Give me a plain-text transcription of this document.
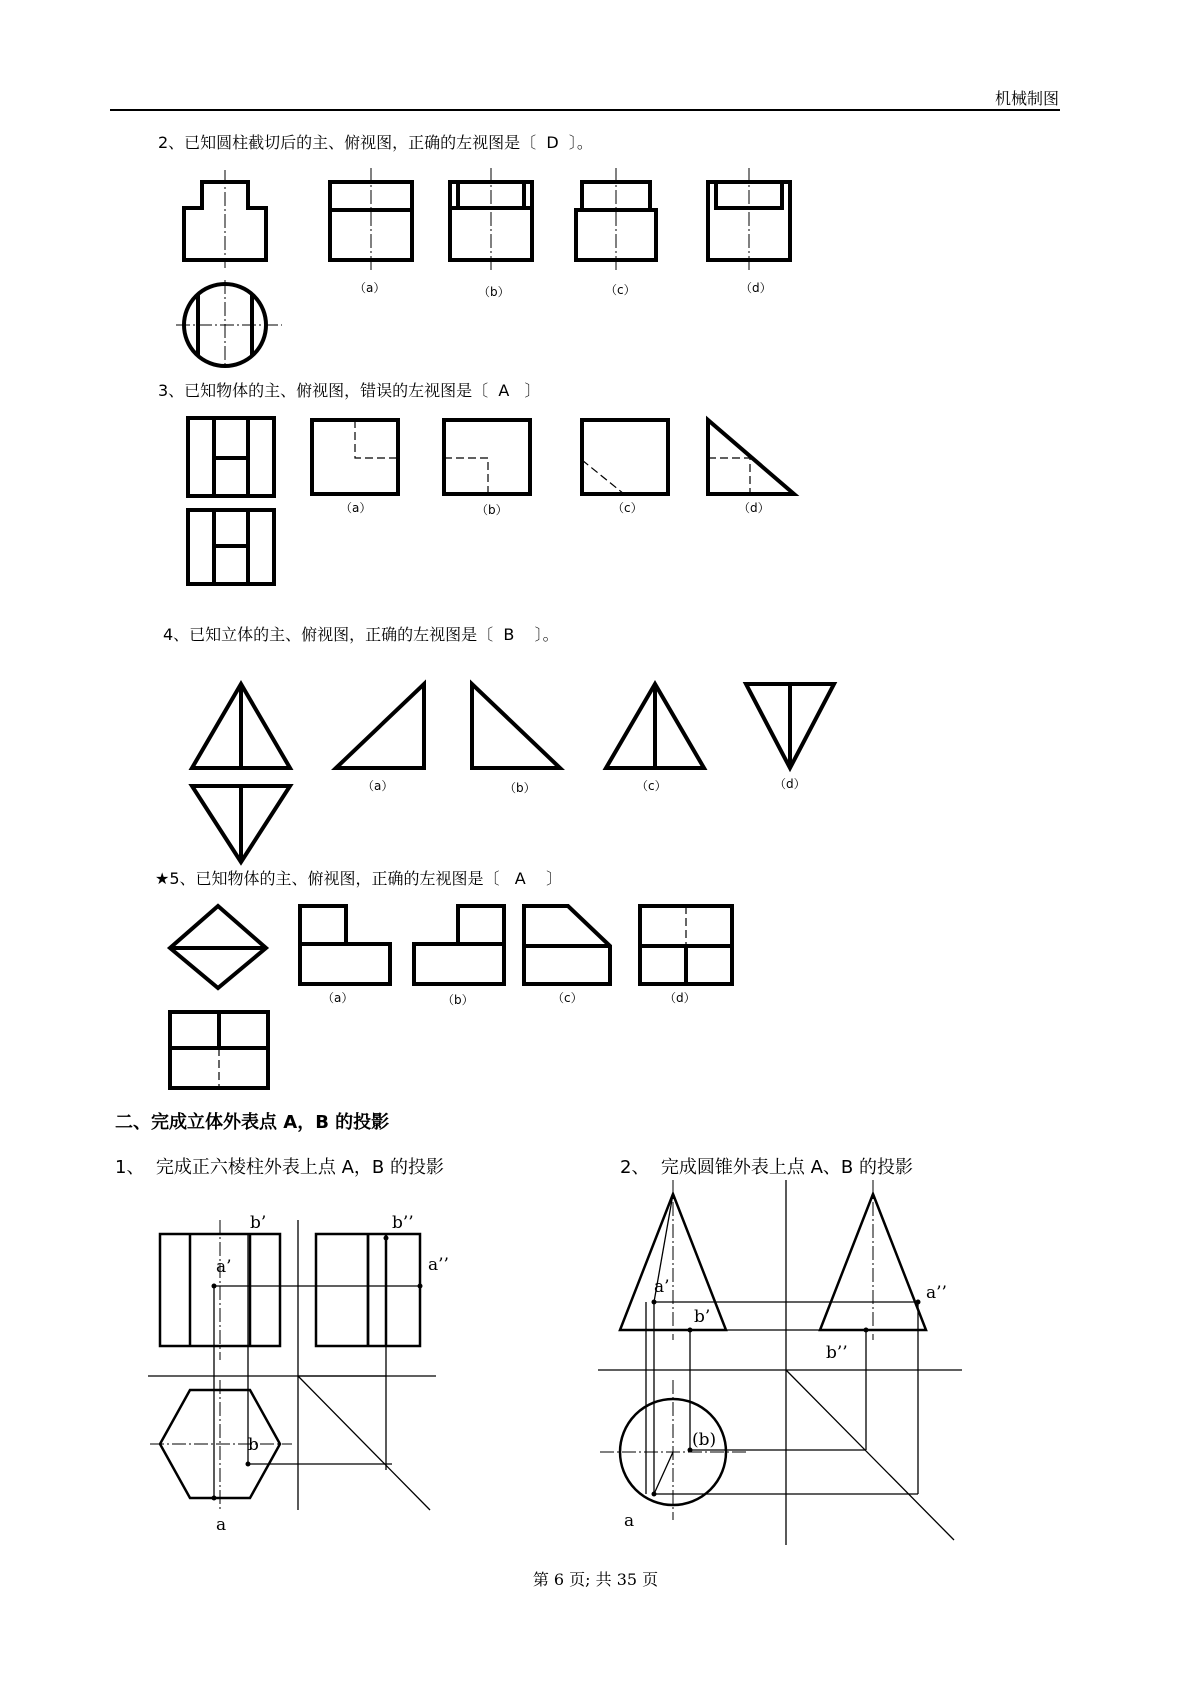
机械制图
2、已知圆柱截切后的主、俯视图，正确的左视图是〔  D  〕。
3、已知物体的主、俯视图，错误的左视图是〔  A   〕
4、已知立体的主、俯视图，正确的左视图是〔  B    〕。
★5、已知物体的主、俯视图，正确的左视图是〔   A    〕
二、完成立体外表点 A，B 的投影
1、  完成正六棱柱外表上点 A，B 的投影	2、  完成圆锥外表上点 A、B 的投影
（a）	（b）	（c）	（d）
（a）	（b）	（c）	（d）
（a）	（b）	（c）	（d）
（a）	（b）	（c）	（d）
b’	b’’
a’	a’’
b
a
a’
b’
a’’
b’’
(b)
a
第 6 页; 共 35 页
